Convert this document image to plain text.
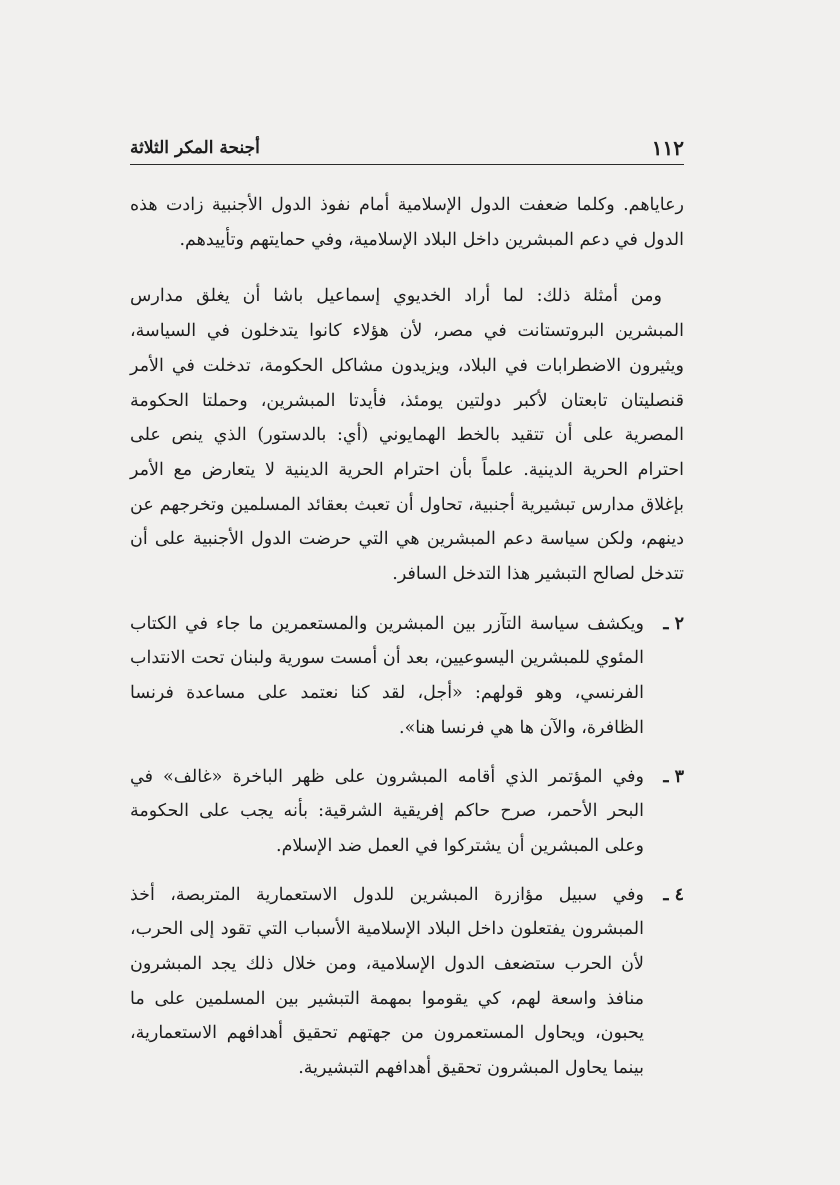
١١٢
أجنحة المكر الثلاثة

رعاياهم. وكلما ضعفت الدول الإسلامية أمام نفوذ الدول الأجنبية زادت هذه الدول في دعم المبشرين داخل البلاد الإسلامية، وفي حمايتهم وتأييدهم.

ومن أمثلة ذلك: لما أراد الخديوي إسماعيل باشا أن يغلق مدارس المبشرين البروتستانت في مصر، لأن هؤلاء كانوا يتدخلون في السياسة، ويثيرون الاضطرابات في البلاد، ويزيدون مشاكل الحكومة، تدخلت في الأمر قنصليتان تابعتان لأكبر دولتين يومئذ، فأيدتا المبشرين، وحملتا الحكومة المصرية على أن تتقيد بالخط الهمايوني (أي: بالدستور) الذي ينص على احترام الحرية الدينية. علماً بأن احترام الحرية الدينية لا يتعارض مع الأمر بإغلاق مدارس تبشيرية أجنبية، تحاول أن تعبث بعقائد المسلمين وتخرجهم عن دينهم، ولكن سياسة دعم المبشرين هي التي حرضت الدول الأجنبية على أن تتدخل لصالح التبشير هذا التدخل السافر.

٢ ـ

ويكشف سياسة التآزر بين المبشرين والمستعمرين ما جاء في الكتاب المئوي للمبشرين اليسوعيين، بعد أن أمست سورية ولبنان تحت الانتداب الفرنسي، وهو قولهم: «أجل، لقد كنا نعتمد على مساعدة فرنسا الظافرة، والآن ها هي فرنسا هنا».

٣ ـ

وفي المؤتمر الذي أقامه المبشرون على ظهر الباخرة «غالف» في البحر الأحمر، صرح حاكم إفريقية الشرقية: بأنه يجب على الحكومة وعلى المبشرين أن يشتركوا في العمل ضد الإسلام.

٤ ـ

وفي سبيل مؤازرة المبشرين للدول الاستعمارية المتربصة، أخذ المبشرون يفتعلون داخل البلاد الإسلامية الأسباب التي تقود إلى الحرب، لأن الحرب ستضعف الدول الإسلامية، ومن خلال ذلك يجد المبشرون منافذ واسعة لهم، كي يقوموا بمهمة التبشير بين المسلمين على ما يحبون، ويحاول المستعمرون من جهتهم تحقيق أهدافهم الاستعمارية، بينما يحاول المبشرون تحقيق أهدافهم التبشيرية.
